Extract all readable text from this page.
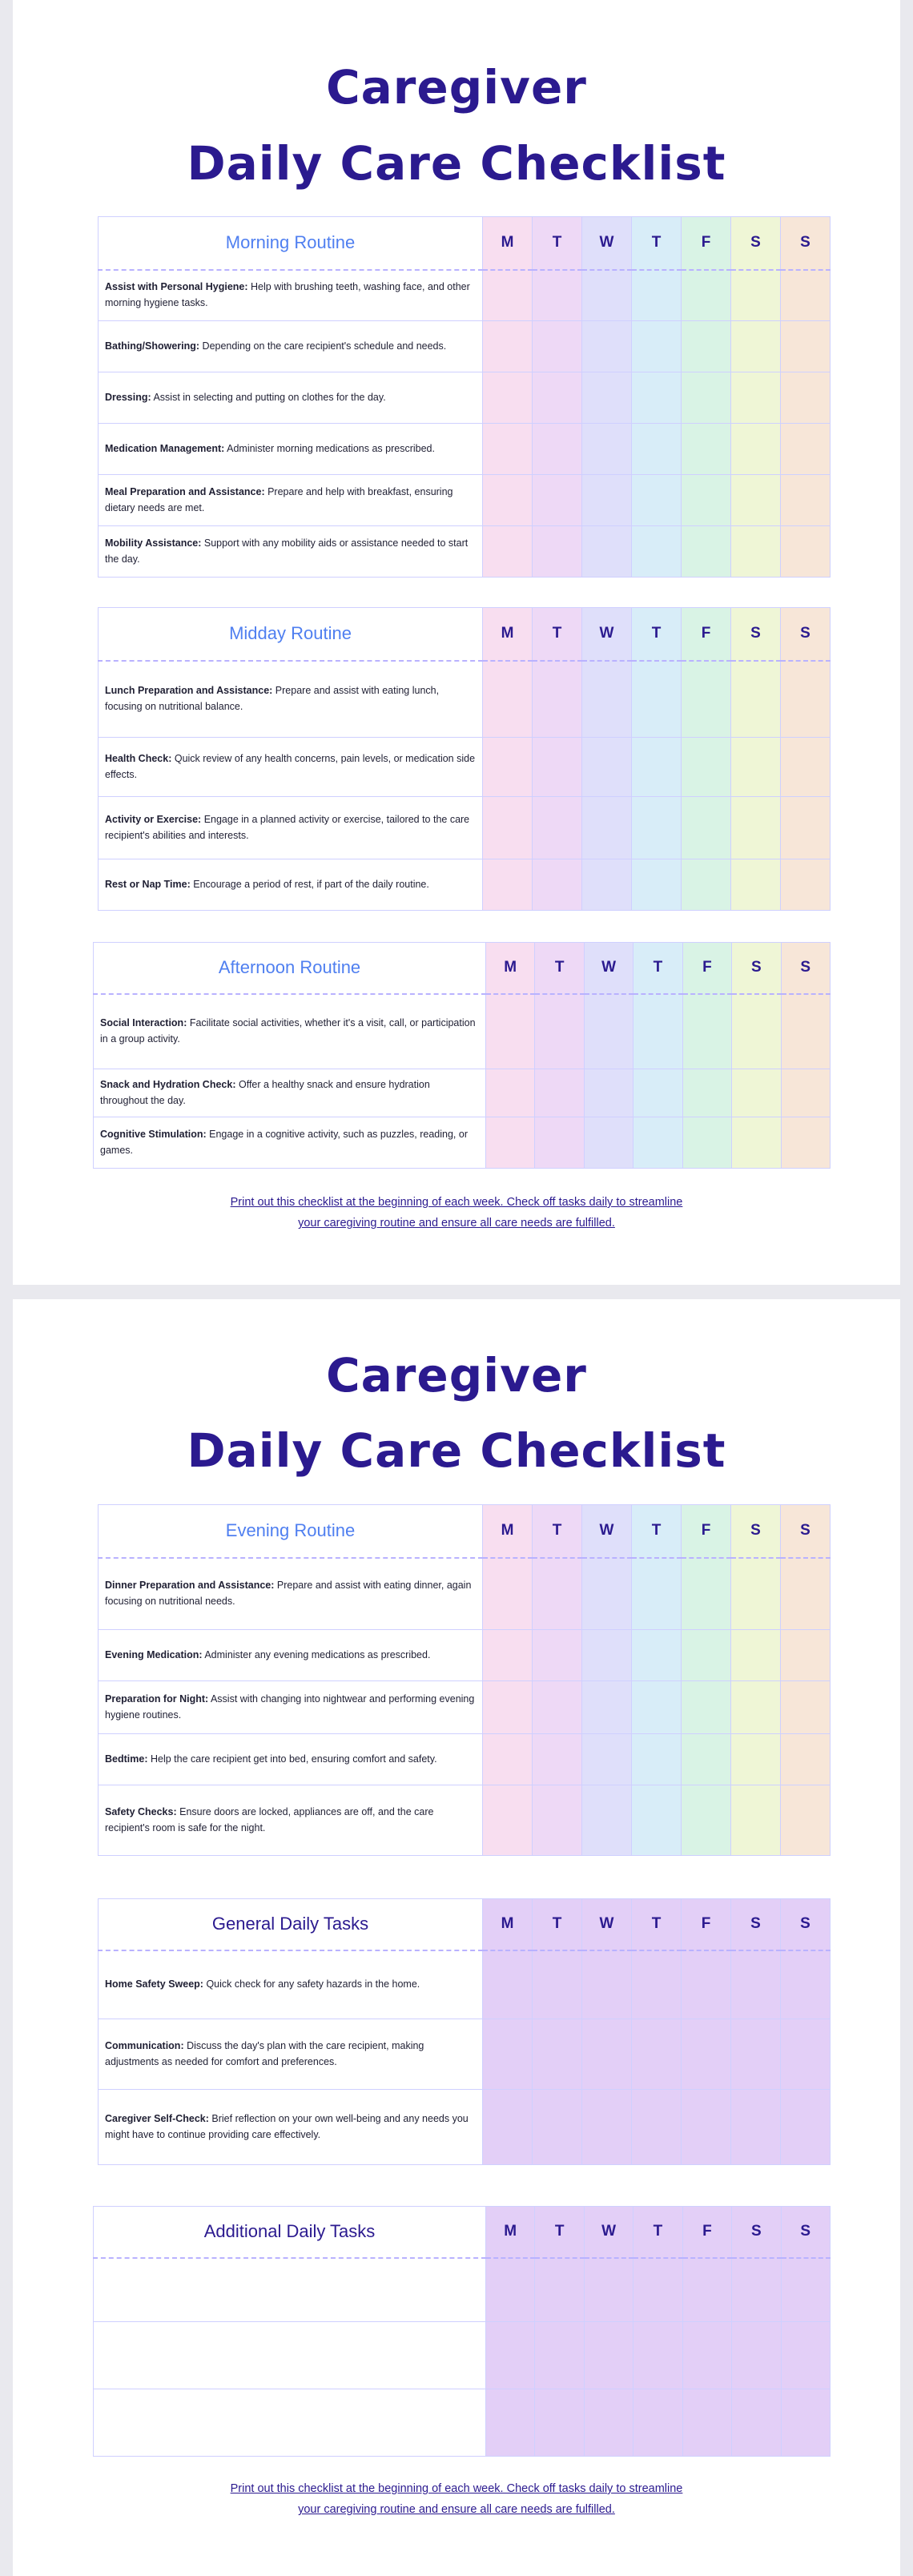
Caregiver
Daily Care Checklist
Morning Routine	M	T	W	T	F	S	S
Assist with Personal Hygiene: Help with brushing teeth, washing face, and other morning hygiene tasks.							
Bathing/Showering: Depending on the care recipient's schedule and needs.							
Dressing: Assist in selecting and putting on clothes for the day.							
Medication Management: Administer morning medications as prescribed.							
Meal Preparation and Assistance: Prepare and help with breakfast, ensuring dietary needs are met.							
Mobility Assistance: Support with any mobility aids or assistance needed to start the day.							
Midday Routine	M	T	W	T	F	S	S
Lunch Preparation and Assistance: Prepare and assist with eating lunch, focusing on nutritional balance.							
Health Check: Quick review of any health concerns, pain levels, or medication side effects.							
Activity or Exercise: Engage in a planned activity or exercise, tailored to the care recipient's abilities and interests.							
Rest or Nap Time: Encourage a period of rest, if part of the daily routine.							
Afternoon Routine	M	T	W	T	F	S	S
Social Interaction: Facilitate social activities, whether it's a visit, call, or participation in a group activity.							
Snack and Hydration Check: Offer a healthy snack and ensure hydration throughout the day.							
Cognitive Stimulation: Engage in a cognitive activity, such as puzzles, reading, or games.							
Print out this checklist at the beginning of each week. Check off tasks daily to streamline
your caregiving routine and ensure all care needs are fulfilled.
Caregiver
Daily Care Checklist
Evening Routine	M	T	W	T	F	S	S
Dinner Preparation and Assistance: Prepare and assist with eating dinner, again focusing on nutritional needs.							
Evening Medication: Administer any evening medications as prescribed.							
Preparation for Night: Assist with changing into nightwear and performing evening hygiene routines.							
Bedtime: Help the care recipient get into bed, ensuring comfort and safety.							
Safety Checks: Ensure doors are locked, appliances are off, and the care recipient's room is safe for the night.							
General Daily Tasks	M	T	W	T	F	S	S
Home Safety Sweep: Quick check for any safety hazards in the home.							
Communication: Discuss the day's plan with the care recipient, making adjustments as needed for comfort and preferences.							
Caregiver Self-Check: Brief reflection on your own well-being and any needs you might have to continue providing care effectively.							
Additional Daily Tasks	M	T	W	T	F	S	S

Print out this checklist at the beginning of each week. Check off tasks daily to streamline
your caregiving routine and ensure all care needs are fulfilled.
